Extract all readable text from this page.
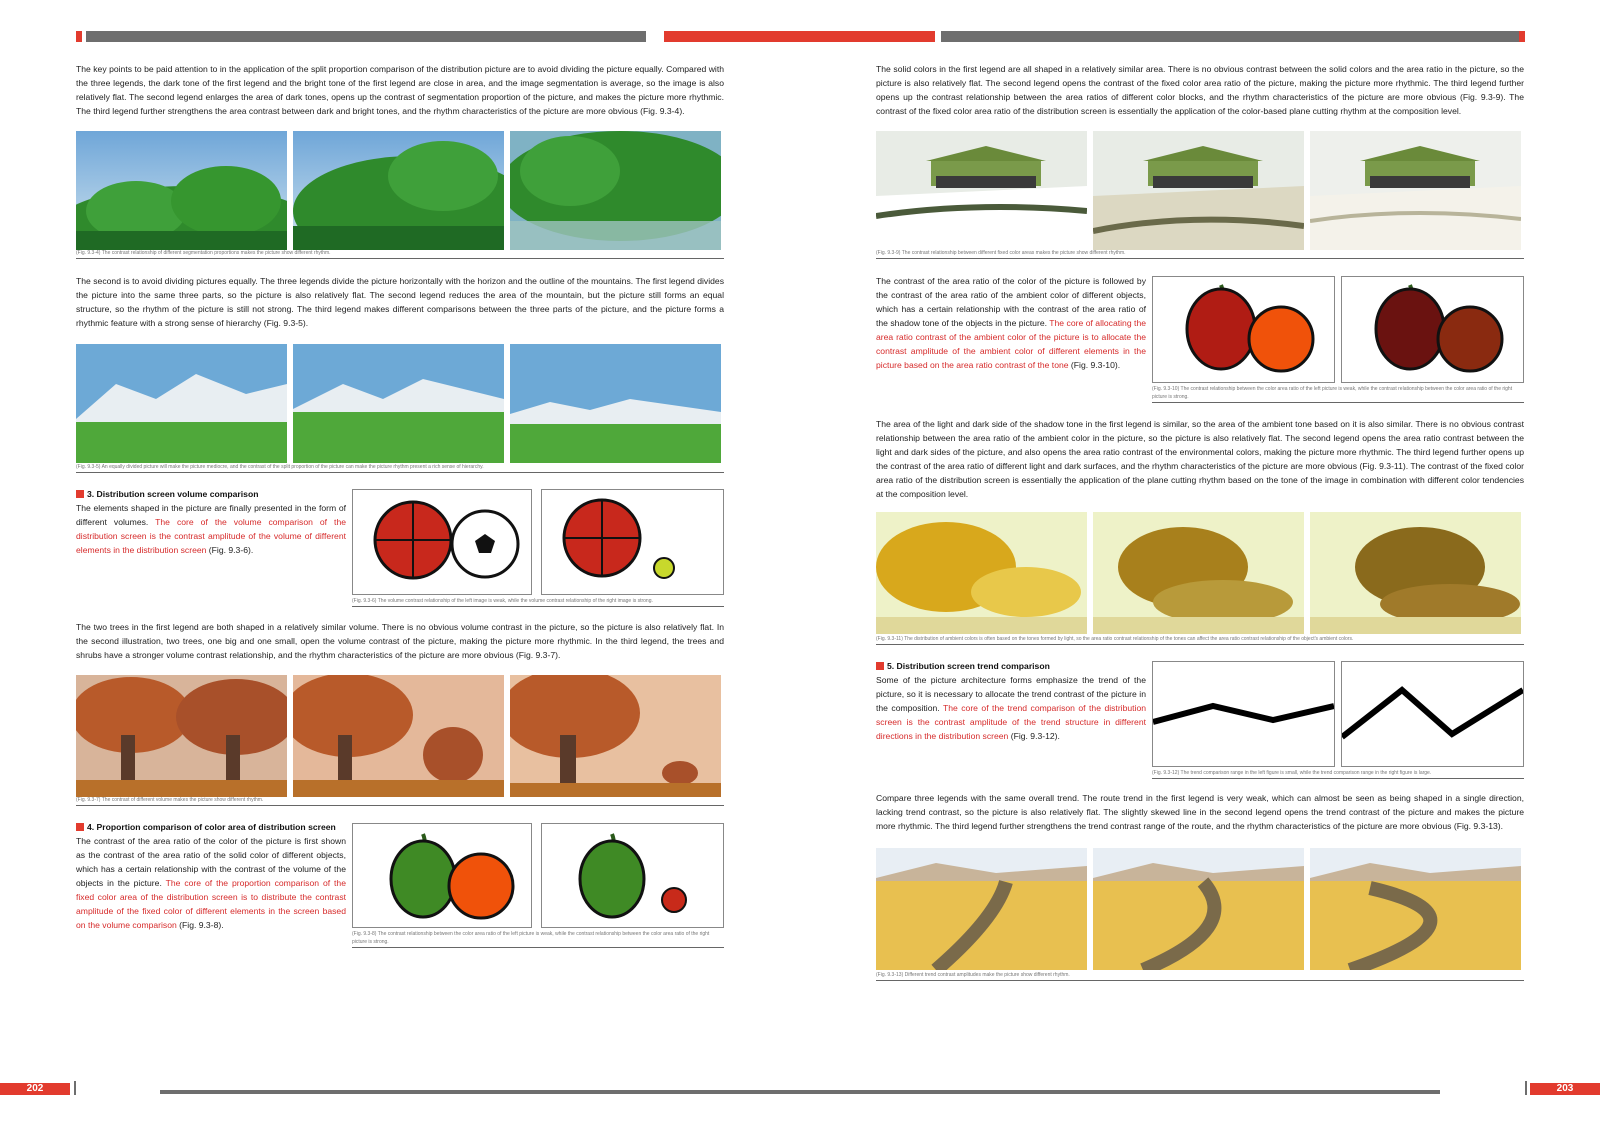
The key points to be paid attention to in the application of the split proportion comparison of the distribution picture are to avoid dividing the picture equally. Compared with the three legends, the dark tone of the first legend and the bright tone of the first legend are close in area, and the image segmentation is average, so the image is also relatively flat. The second legend enlarges the area of dark tones, opens up the contrast of segmentation proportion of the picture, and makes the picture more rhythmic. The third legend further strengthens the area contrast between dark and bright tones, and the rhythm characteristics of the picture are more obvious (Fig. 9.3-4).

(Fig. 9.3-4) The contrast relationship of different segmentation proportions makes the picture show different rhythm.

The second is to avoid dividing pictures equally. The three legends divide the picture horizontally with the horizon and the outline of the mountains. The first legend divides the picture into the same three parts, so the picture is also relatively flat. The second legend reduces the area of the mountain, but the picture still forms an equal structure, so the rhythm of the picture is still not strong. The third legend makes different comparisons between the three parts of the picture, and the picture forms a rhythmic feature with a strong sense of hierarchy (Fig. 9.3-5).

(Fig. 9.3-5) An equally divided picture will make the picture mediocre, and the contrast of the split proportion of the picture can make the picture rhythm present a rich sense of hierarchy.

3. Distribution screen volume comparison
The elements shaped in the picture are finally presented in the form of different volumes. The core of the volume comparison of the distribution screen is the contrast amplitude of the volume of different elements in the distribution screen (Fig. 9.3-6).

(Fig. 9.3-6) The volume contrast relationship of the left image is weak, while the volume contrast relationship of the right image is strong.

The two trees in the first legend are both shaped in a relatively similar volume. There is no obvious volume contrast in the picture, so the picture is also relatively flat. In the second illustration, two trees, one big and one small, open the volume contrast of the picture, making the picture more rhythmic. In the third legend, the trees and shrubs have a stronger volume contrast relationship, and the rhythm characteristics of the picture are more obvious (Fig. 9.3-7).

(Fig. 9.3-7) The contrast of different volume makes the picture show different rhythm.

4. Proportion comparison of color area of distribution screen
The contrast of the area ratio of the color of the picture is first shown as the contrast of the area ratio of the solid color of different objects, which has a certain relationship with the contrast of the volume of the objects in the picture. The core of the proportion comparison of the fixed color area of the distribution screen is to distribute the contrast amplitude of the fixed color of different elements in the screen based on the volume comparison (Fig. 9.3-8).

(Fig. 9.3-8) The contrast relationship between the color area ratio of the left picture is weak, while the contrast relationship between the color area ratio of the right picture is strong.
202

The solid colors in the first legend are all shaped in a relatively similar area. There is no obvious contrast between the solid colors and the area ratio in the picture, so the picture is also relatively flat. The second legend opens the contrast of the fixed color area ratio of the picture, making the picture more rhythmic. The third legend further opens up the contrast relationship between the area ratios of different color blocks, and the rhythm characteristics of the picture are more obvious (Fig. 9.3-9). The contrast of the fixed color area ratio of the distribution screen is essentially the application of the color-based plane cutting rhythm at the composition level.

(Fig. 9.3-9) The contrast relationship between different fixed color areas makes the picture show different rhythm.

The contrast of the area ratio of the color of the picture is followed by the contrast of the area ratio of the ambient color of different objects, which has a certain relationship with the contrast of the area ratio of the shadow tone of the objects in the picture. The core of allocating the area ratio contrast of the ambient color of the picture is to allocate the contrast amplitude of the ambient color of different elements in the picture based on the area ratio contrast of the tone (Fig. 9.3-10).

(Fig. 9.3-10) The contrast relationship between the color area ratio of the left picture is weak, while the contrast relationship between the color area ratio of the right picture is strong.

The area of the light and dark side of the shadow tone in the first legend is similar, so the area of the ambient tone based on it is also similar. There is no obvious contrast relationship between the area ratio of the ambient color in the picture, so the picture is also relatively flat. The second legend opens the area ratio contrast between the light and dark sides of the picture, and also opens the area ratio contrast of the environmental colors, making the picture more rhythmic. The third legend further opens up the contrast of the area ratio of different light and dark surfaces, and the rhythm characteristics of the picture are more obvious (Fig. 9.3-11). The contrast of the fixed color area ratio of the distribution screen is essentially the application of the plane cutting rhythm based on the tone of the image in combination with different color tendencies at the composition level.

(Fig. 9.3-11) The distribution of ambient colors is often based on the tones formed by light, so the area ratio contrast relationship of the tones can affect the area ratio contrast relationship of the object's ambient colors.

5. Distribution screen trend comparison
Some of the picture architecture forms emphasize the trend of the picture, so it is necessary to allocate the trend contrast of the picture in the composition. The core of the trend comparison of the distribution screen is the contrast amplitude of the trend structure in different directions in the distribution screen (Fig. 9.3-12).

(Fig. 9.3-12) The trend comparison range in the left figure is small, while the trend comparison range in the right figure is large.

Compare three legends with the same overall trend. The route trend in the first legend is very weak, which can almost be seen as being shaped in a single direction, lacking trend contrast, so the picture is also relatively flat. The slightly skewed line in the second legend opens the trend contrast of the picture and makes the picture more rhythmic. The third legend further strengthens the trend contrast range of the route, and the rhythm characteristics of the picture are more obvious (Fig. 9.3-13).

(Fig. 9.3-13) Different trend contrast amplitudes make the picture show different rhythm.
203
